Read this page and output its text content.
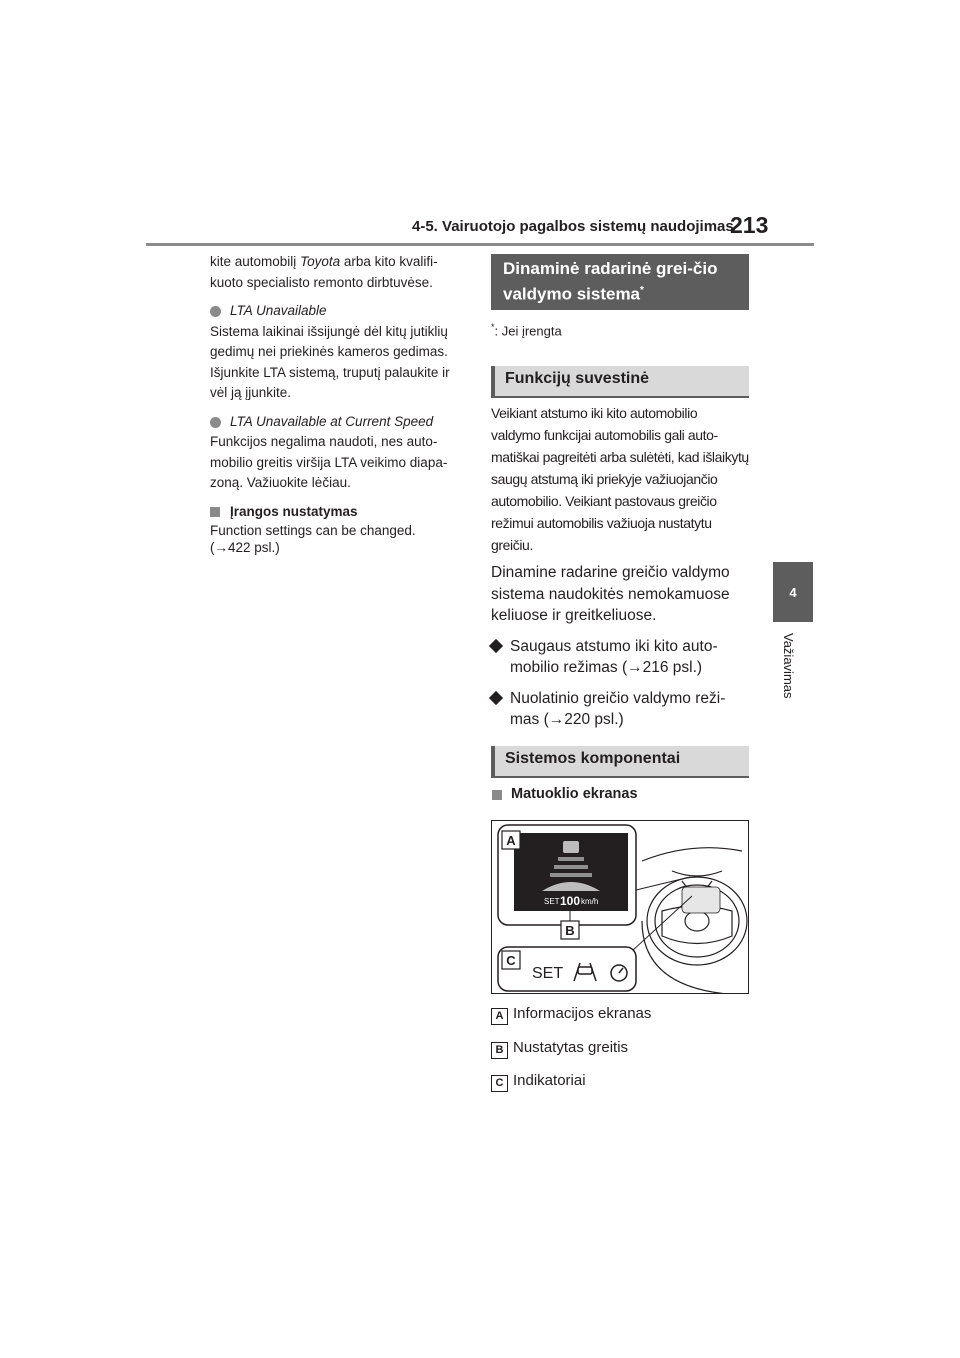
4-5. Vairuotojo pagalbos sistemų naudojimas
213
4
Važiavimas

kite automobilį Toyota arba kito kvalifi-kuoto specialisto remonto dirbtuvėse.

LTA Unavailable

Sistema laikinai išsijungė dėl kitų jutiklių gedimų nei priekinės kameros gedimas. Išjunkite LTA sistemą, truputį palaukite ir vėl ją įjunkite.

LTA Unavailable at Current Speed

Funkcijos negalima naudoti, nes auto-mobilio greitis viršija LTA veikimo diapa-zoną. Važiuokite lėčiau.

Įrangos nustatymas

Function settings can be changed.
(→422 psl.)

Dinaminė radarinė grei-čio valdymo sistema*
*: Jei įrengta
Funkcijų suvestinė
Veikiant atstumo iki kito automobilio valdymo funkcijai automobilis gali auto-matiškai pagreitėti arba sulėtėti, kad išlaikytų saugų atstumą iki priekyje važiuojančio automobilio. Veikiant pastovaus greičio režimui automobilis važiuoja nustatytu greičiu.

Dinamine radarine greičio valdymo sistema naudokitės nemokamuose keliuose ir greitkeliuose.

Saugaus atstumo iki kito auto-mobilio režimas (→216 psl.)

Nuolatinio greičio valdymo reži-mas (→220 psl.)

Sistemos komponentai
Matuoklio ekranas
A
SET 100 km/h
B
C
SET
A Informacijos ekranas
B Nustatytas greitis
C Indikatoriai
